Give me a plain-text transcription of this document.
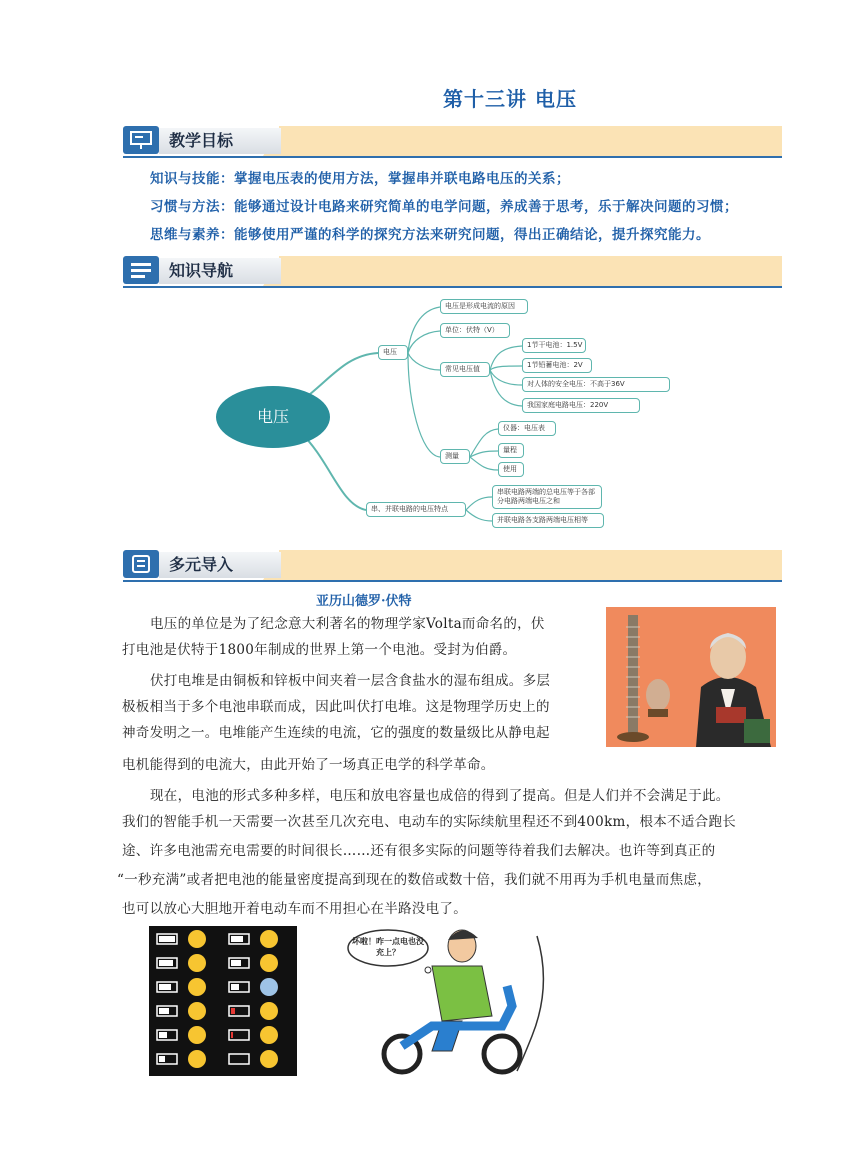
第十三讲 电压
教学目标
知识与技能：掌握电压表的使用方法，掌握串并联电路电压的关系；
习惯与方法：能够通过设计电路来研究简单的电学问题，养成善于思考，乐于解决问题的习惯；
思维与素养：能够使用严谨的科学的探究方法来研究问题，得出正确结论，提升探究能力。
知识导航
电压
电压
串、并联电路的电压特点
电压是形成电流的原因
单位：伏特（V）
常见电压值
测量
1节干电池：1.5V
1节铅蓄电池：2V
对人体的安全电压：不高于36V
我国家庭电路电压：220V
仪器：电压表
量程
使用
串联电路两端的总电压等于各部分电路两端电压之和
并联电路各支路两端电压相等
多元导入
亚历山德罗·伏特
电压的单位是为了纪念意大利著名的物理学家Volta而命名的，伏
打电池是伏特于1800年制成的世界上第一个电池。受封为伯爵。
伏打电堆是由铜板和锌板中间夹着一层含食盐水的湿布组成。多层
极板相当于多个电池串联而成，因此叫伏打电堆。这是物理学历史上的
神奇发明之一。电堆能产生连续的电流，它的强度的数量级比从静电起
电机能得到的电流大，由此开始了一场真正电学的科学革命。
现在，电池的形式多种多样，电压和放电容量也成倍的得到了提高。但是人们并不会满足于此。
我们的智能手机一天需要一次甚至几次充电、电动车的实际续航里程还不到400km，根本不适合跑长
途、许多电池需充电需要的时间很长……还有很多实际的问题等待着我们去解决。也许等到真正的
“一秒充满”或者把电池的能量密度提高到现在的数倍或数十倍，我们就不用再为手机电量而焦虑，
也可以放心大胆地开着电动车而不用担心在半路没电了。
坏啦！咋一点电也没充上？
